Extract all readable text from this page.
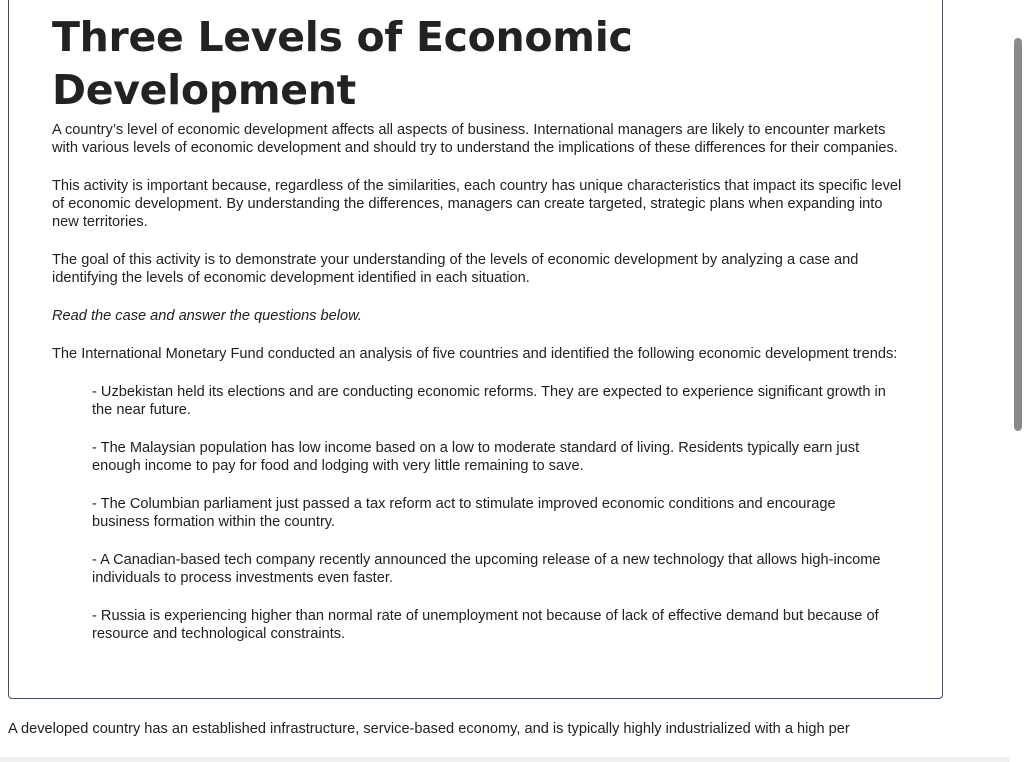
Three Levels of Economic Development

A country’s level of economic development affects all aspects of business. International managers are likely to encounter markets with various levels of economic development and should try to understand the implications of these differences for their companies.

This activity is important because, regardless of the similarities, each country has unique characteristics that impact its specific level of economic development. By understanding the differences, managers can create targeted, strategic plans when expanding into new territories.

The goal of this activity is to demonstrate your understanding of the levels of economic development by analyzing a case and identifying the levels of economic development identified in each situation.

Read the case and answer the questions below.

The International Monetary Fund conducted an analysis of five countries and identified the following economic development trends:

- Uzbekistan held its elections and are conducting economic reforms. They are expected to experience significant growth in the near future.
- The Malaysian population has low income based on a low to moderate standard of living. Residents typically earn just enough income to pay for food and lodging with very little remaining to save.
- The Columbian parliament just passed a tax reform act to stimulate improved economic conditions and encourage business formation within the country.
- A Canadian-based tech company recently announced the upcoming release of a new technology that allows high-income individuals to process investments even faster.
- Russia is experiencing higher than normal rate of unemployment not because of lack of effective demand but because of resource and technological constraints.
A developed country has an established infrastructure, service-based economy, and is typically highly industrialized with a high per
